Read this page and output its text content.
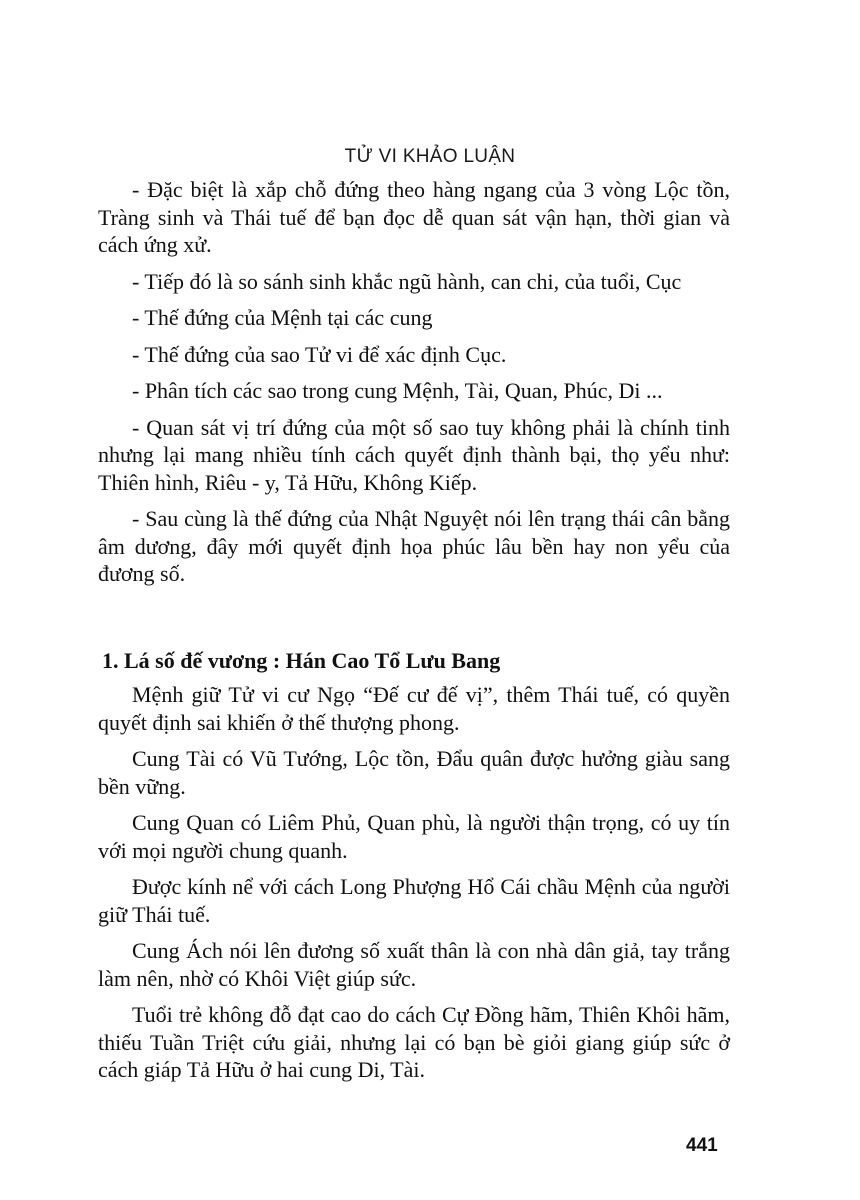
TỬ VI KHẢO LUẬN

- Đặc biệt là xắp chỗ đứng theo hàng ngang của 3 vòng Lộc tồn, Tràng sinh và Thái tuế để bạn đọc dễ quan sát vận hạn, thời gian và cách ứng xử.

- Tiếp đó là so sánh sinh khắc ngũ hành, can chi, của tuổi, Cục

- Thế đứng của Mệnh tại các cung

- Thế đứng của sao Tử vi để xác định Cục.

- Phân tích các sao trong cung Mệnh, Tài, Quan, Phúc, Di ...

- Quan sát vị trí đứng của một số sao tuy không phải là chính tinh nhưng lại mang nhiều tính cách quyết định thành bại, thọ yểu như: Thiên hình, Riêu - y, Tả Hữu, Không Kiếp.

- Sau cùng là thế đứng của Nhật Nguyệt nói lên trạng thái cân bằng âm dương, đây mới quyết định họa phúc lâu bền hay non yểu của đương số.

1. Lá số đế vương : Hán Cao Tổ Lưu Bang

Mệnh giữ Tử vi cư Ngọ “Đế cư đế vị”, thêm Thái tuế, có quyền quyết định sai khiến ở thế thượng phong.

Cung Tài có Vũ Tướng, Lộc tồn, Đẩu quân được hưởng giàu sang bền vững.

Cung Quan có Liêm Phủ, Quan phù, là người thận trọng, có uy tín với mọi người chung quanh.

Được kính nể với cách Long Phượng Hổ Cái chầu Mệnh của người giữ Thái tuế.

Cung Ách nói lên đương số xuất thân là con nhà dân giả, tay trắng làm nên, nhờ có Khôi Việt giúp sức.

Tuổi trẻ không đỗ đạt cao do cách Cự Đồng hãm, Thiên Khôi hãm, thiếu Tuần Triệt cứu giải, nhưng lại có bạn bè giỏi giang giúp sức ở cách giáp Tả Hữu ở hai cung Di, Tài.

441
